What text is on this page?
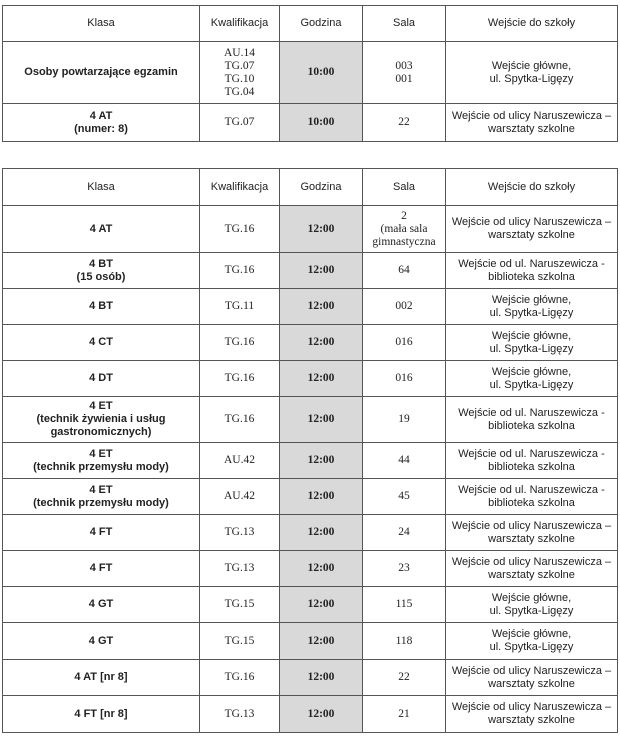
Klasa	Kwalifikacja	Godzina	Sala	Wejście do szkoły

Osoby powtarzające egzamin	AU.14
TG.07
TG.10
TG.04	10:00	003
001	Wejście główne,
ul. Spytka-Ligęzy

4 AT
(numer: 8)	TG.07	10:00	22	Wejście od ulicy Naruszewicza –
warsztaty szkolne
Klasa	Kwalifikacja	Godzina	Sala	Wejście do szkoły

4 AT	TG.16	12:00	2
(mała sala
gimnastyczna	Wejście od ulicy Naruszewicza –
warsztaty szkolne

4 BT
(15 osób)	TG.16	12:00	64	Wejście od ul. Naruszewicza -
biblioteka szkolna

4 BT	TG.11	12:00	002	Wejście główne,
ul. Spytka-Ligęzy

4 CT	TG.16	12:00	016	Wejście główne,
ul. Spytka-Ligęzy

4 DT	TG.16	12:00	016	Wejście główne,
ul. Spytka-Ligęzy

4 ET
(technik żywienia i usług
gastronomicznych)	TG.16	12:00	19	Wejście od ul. Naruszewicza -
biblioteka szkolna

4 ET
(technik przemysłu mody)	AU.42	12:00	44	Wejście od ul. Naruszewicza -
biblioteka szkolna

4 ET
(technik przemysłu mody)	AU.42	12:00	45	Wejście od ul. Naruszewicza -
biblioteka szkolna

4 FT	TG.13	12:00	24	Wejście od ulicy Naruszewicza –
warsztaty szkolne

4 FT	TG.13	12:00	23	Wejście od ulicy Naruszewicza –
warsztaty szkolne

4 GT	TG.15	12:00	115	Wejście główne,
ul. Spytka-Ligęzy

4 GT	TG.15	12:00	118	Wejście główne,
ul. Spytka-Ligęzy

4 AT [nr 8]	TG.16	12:00	22	Wejście od ulicy Naruszewicza –
warsztaty szkolne

4 FT [nr 8]	TG.13	12:00	21	Wejście od ulicy Naruszewicza –
warsztaty szkolne
